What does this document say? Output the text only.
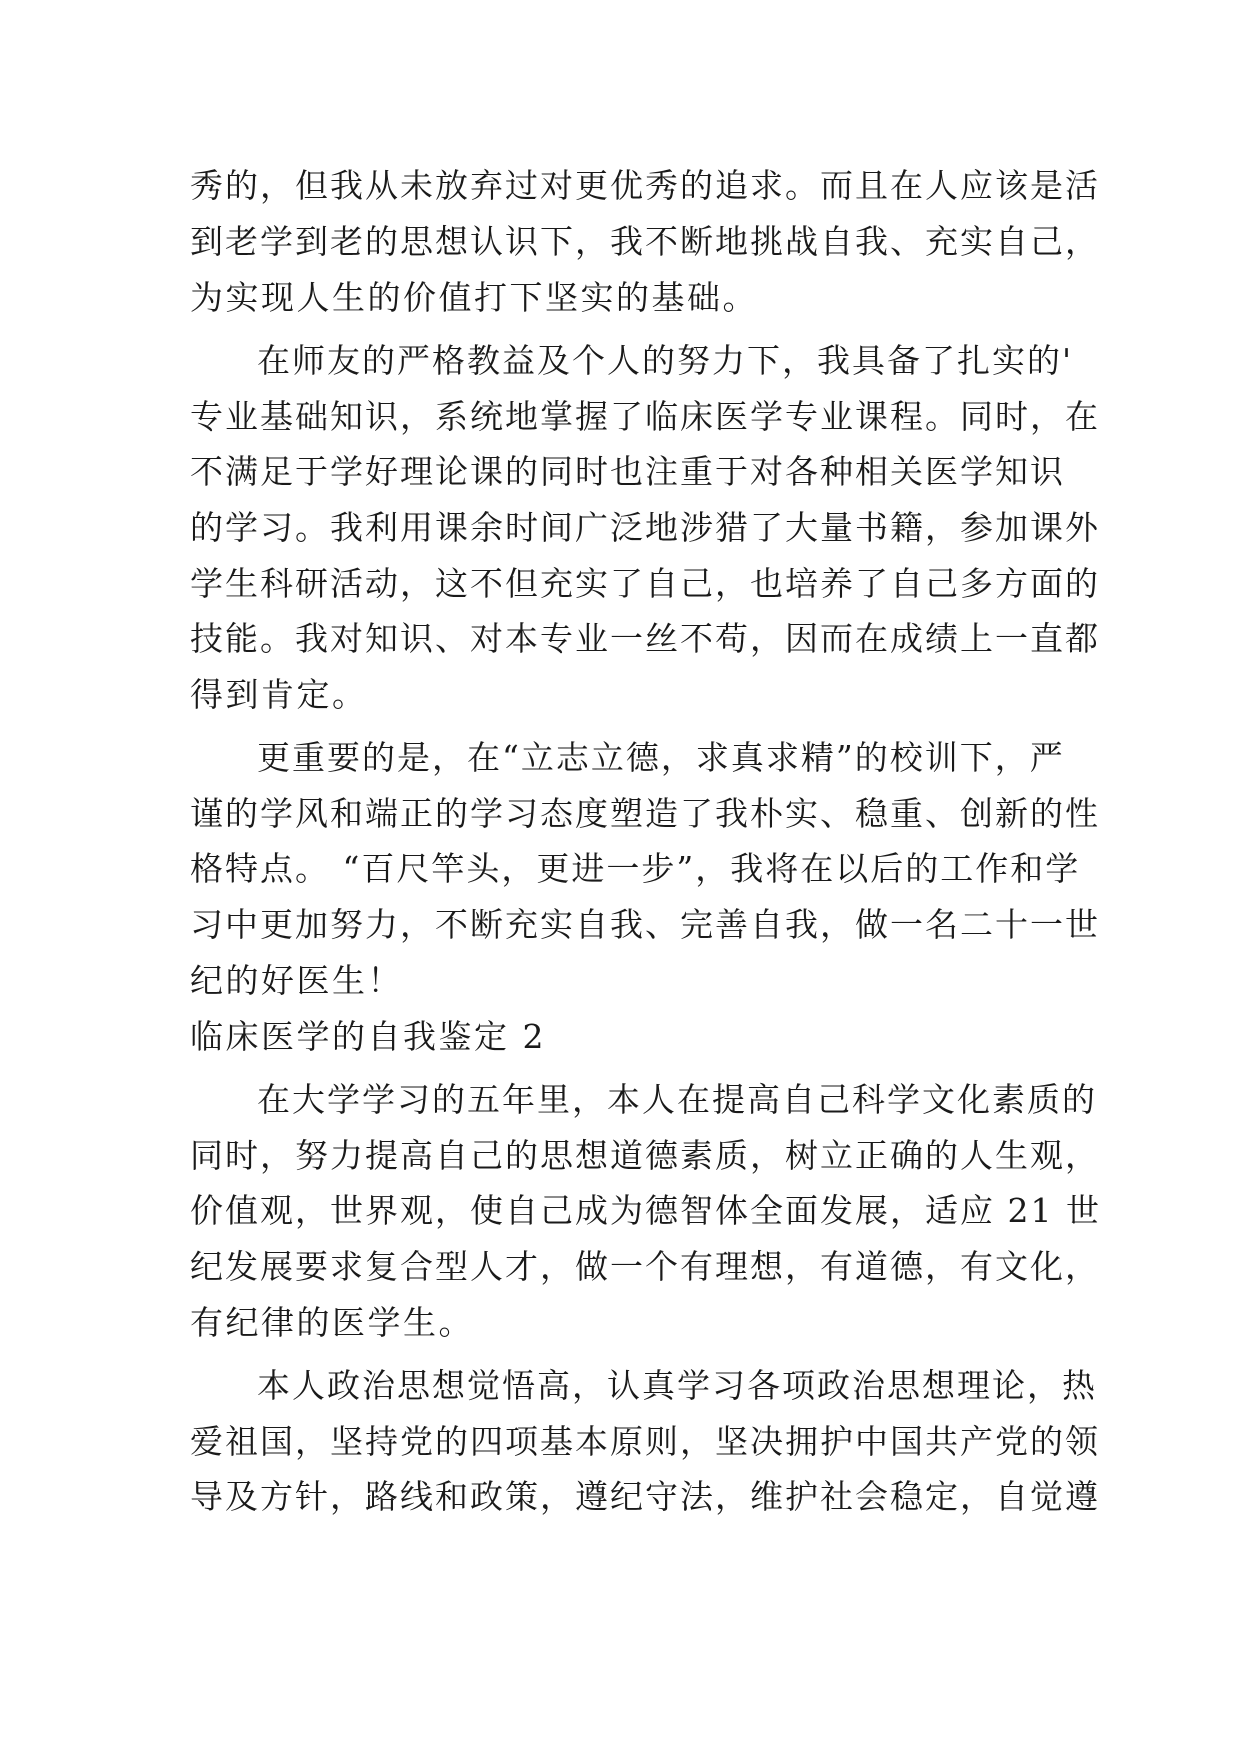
秀的，但我从未放弃过对更优秀的追求。而且在人应该是活
到老学到老的思想认识下，我不断地挑战自我、充实自己，
为实现人生的价值打下坚实的基础。
在师友的严格教益及个人的努力下，我具备了扎实的'
专业基础知识，系统地掌握了临床医学专业课程。同时，在
不满足于学好理论课的同时也注重于对各种相关医学知识
的学习。我利用课余时间广泛地涉猎了大量书籍，参加课外
学生科研活动，这不但充实了自己，也培养了自己多方面的
技能。我对知识、对本专业一丝不苟，因而在成绩上一直都
得到肯定。
更重要的是，在“立志立德，求真求精”的校训下，严
谨的学风和端正的学习态度塑造了我朴实、稳重、创新的性
格特点。 “百尺竿头，更进一步”，我将在以后的工作和学
习中更加努力，不断充实自我、完善自我，做一名二十一世
纪的好医生！
临床医学的自我鉴定 2
在大学学习的五年里，本人在提高自己科学文化素质的
同时，努力提高自己的思想道德素质，树立正确的人生观，
价值观，世界观，使自己成为德智体全面发展，适应 21 世
纪发展要求复合型人才，做一个有理想，有道德，有文化，
有纪律的医学生。
本人政治思想觉悟高，认真学习各项政治思想理论，热
爱祖国，坚持党的四项基本原则，坚决拥护中国共产党的领
导及方针，路线和政策，遵纪守法，维护社会稳定，自觉遵
